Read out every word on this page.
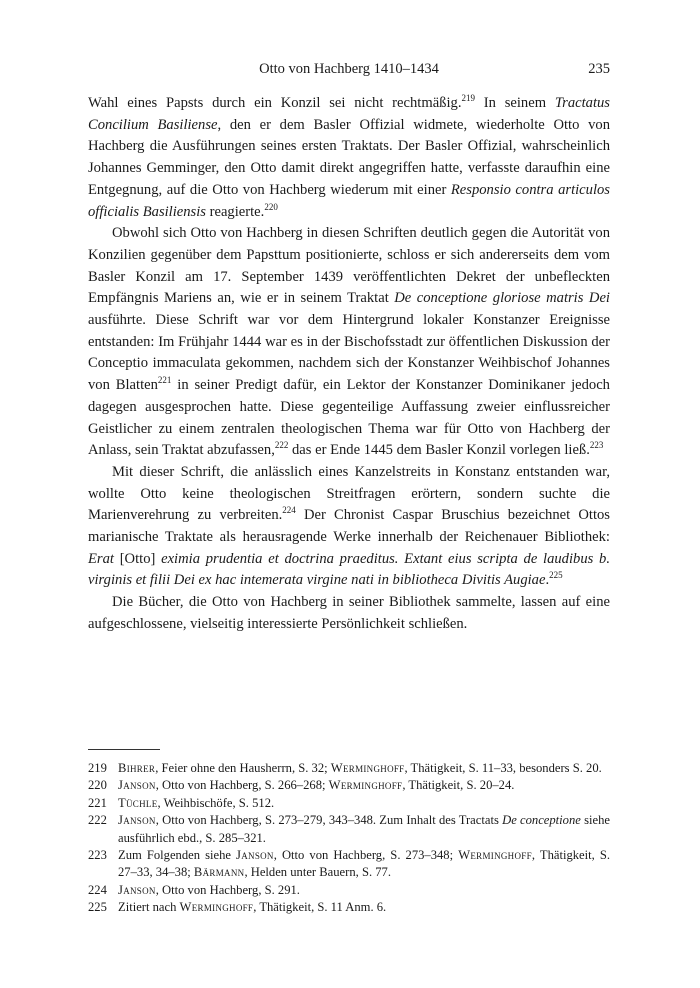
Otto von Hachberg 1410–1434	235

Wahl eines Papsts durch ein Konzil sei nicht rechtmäßig.$^{219}$ In seinem Tractatus Concilium Basiliense, den er dem Basler Offizial widmete, wiederholte Otto von Hachberg die Ausführungen seines ersten Traktats. Der Basler Offizial, wahrscheinlich Johannes Gemminger, den Otto damit direkt angegriffen hatte, verfasste daraufhin eine Entgegnung, auf die Otto von Hachberg wiederum mit einer Responsio contra articulos officialis Basiliensis reagierte.$^{220}$

Obwohl sich Otto von Hachberg in diesen Schriften deutlich gegen die Autorität von Konzilien gegenüber dem Papsttum positionierte, schloss er sich andererseits dem vom Basler Konzil am 17. September 1439 veröffentlichten Dekret der unbefleckten Empfängnis Mariens an, wie er in seinem Traktat De conceptione gloriose matris Dei ausführte. Diese Schrift war vor dem Hintergrund lokaler Konstanzer Ereignisse entstanden: Im Frühjahr 1444 war es in der Bischofsstadt zur öffentlichen Diskussion der Conceptio immaculata gekommen, nachdem sich der Konstanzer Weihbischof Johannes von Blatten$^{221}$ in seiner Predigt dafür, ein Lektor der Konstanzer Dominikaner jedoch dagegen ausgesprochen hatte. Diese gegenteilige Auffassung zweier einflussreicher Geistlicher zu einem zentralen theologischen Thema war für Otto von Hachberg der Anlass, sein Traktat abzufassen,$^{222}$ das er Ende 1445 dem Basler Konzil vorlegen ließ.$^{223}$

Mit dieser Schrift, die anlässlich eines Kanzelstreits in Konstanz entstanden war, wollte Otto keine theologischen Streitfragen erörtern, sondern suchte die Marienverehrung zu verbreiten.$^{224}$ Der Chronist Caspar Bruschius bezeichnet Ottos marianische Traktate als herausragende Werke innerhalb der Reichenauer Bibliothek: Erat [Otto] eximia prudentia et doctrina praeditus. Extant eius scripta de laudibus b. virginis et filii Dei ex hac intemerata virgine nati in bibliotheca Divitis Augiae.$^{225}$

Die Bücher, die Otto von Hachberg in seiner Bibliothek sammelte, lassen auf eine aufgeschlossene, vielseitig interessierte Persönlichkeit schließen.

219 Bihrer, Feier ohne den Hausherrn, S. 32; Werminghoff, Thätigkeit, S. 11–33, besonders S. 20.
220 Janson, Otto von Hachberg, S. 266–268; Werminghoff, Thätigkeit, S. 20–24.
221 Tüchle, Weihbischöfe, S. 512.
222 Janson, Otto von Hachberg, S. 273–279, 343–348. Zum Inhalt des Tractats De conceptione siehe ausführlich ebd., S. 285–321.
223 Zum Folgenden siehe Janson, Otto von Hachberg, S. 273–348; Werminghoff, Thätigkeit, S. 27–33, 34–38; Bärmann, Helden unter Bauern, S. 77.
224 Janson, Otto von Hachberg, S. 291.
225 Zitiert nach Werminghoff, Thätigkeit, S. 11 Anm. 6.
